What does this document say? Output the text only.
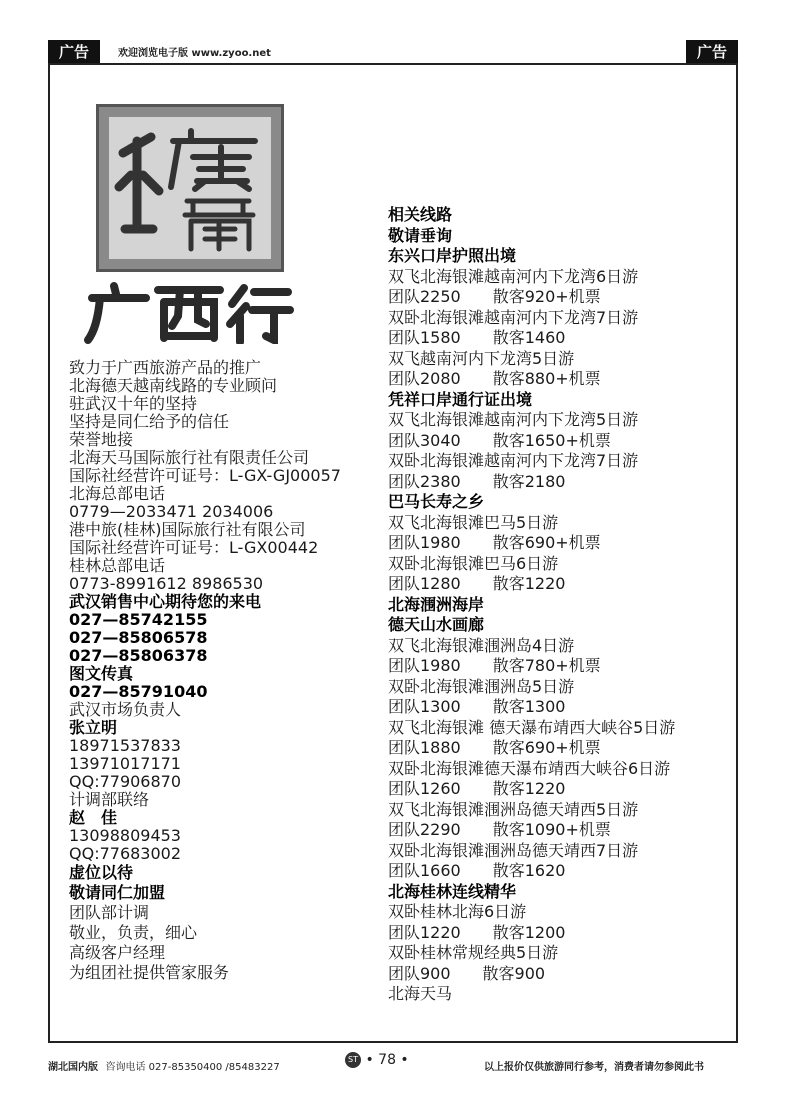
广告	欢迎浏览电子版 www.zyoo.net	广告
致力于广西旅游产品的推广
北海德天越南线路的专业顾问
驻武汉十年的坚持
坚持是同仁给予的信任
荣誉地接
北海天马国际旅行社有限责任公司
国际社经营许可证号：L-GX-GJ00057
北海总部电话
0779—2033471 2034006
港中旅(桂林)国际旅行社有限公司
国际社经营许可证号：L-GX00442
桂林总部电话
0773-8991612 8986530
武汉销售中心期待您的来电
027—85742155
027—85806578
027—85806378
图文传真
027—85791040
武汉市场负责人
张立明
18971537833
13971017171
QQ:77906870
计调部联络
赵　佳
13098809453
QQ:77683002
虚位以待
敬请同仁加盟
团队部计调
敬业，负责，细心
高级客户经理
为组团社提供管家服务
相关线路
敬请垂询
东兴口岸护照出境
双飞北海银滩越南河内下龙湾6日游
团队2250　　散客920+机票
双卧北海银滩越南河内下龙湾7日游
团队1580　　散客1460
双飞越南河内下龙湾5日游
团队2080　　散客880+机票
凭祥口岸通行证出境
双飞北海银滩越南河内下龙湾5日游
团队3040　　散客1650+机票
双卧北海银滩越南河内下龙湾7日游
团队2380　　散客2180
巴马长寿之乡
双飞北海银滩巴马5日游
团队1980　　散客690+机票
双卧北海银滩巴马6日游
团队1280　　散客1220
北海涠洲海岸
德天山水画廊
双飞北海银滩涠洲岛4日游
团队1980　　散客780+机票
双卧北海银滩涠洲岛5日游
团队1300　　散客1300
双飞北海银滩 德天瀑布靖西大峡谷5日游
团队1880　　散客690+机票
双卧北海银滩德天瀑布靖西大峡谷6日游
团队1260　　散客1220
双飞北海银滩涠洲岛德天靖西5日游
团队2290　　散客1090+机票
双卧北海银滩涠洲岛德天靖西7日游
团队1660　　散客1620
北海桂林连线精华
双卧桂林北海6日游
团队1220　　散客1200
双卧桂林常规经典5日游
团队900　　散客900
北海天马
湖北国内版 咨询电话 027-85350400 /85483227
ST • 78 •	以上报价仅供旅游同行参考，消费者请勿参阅此书
